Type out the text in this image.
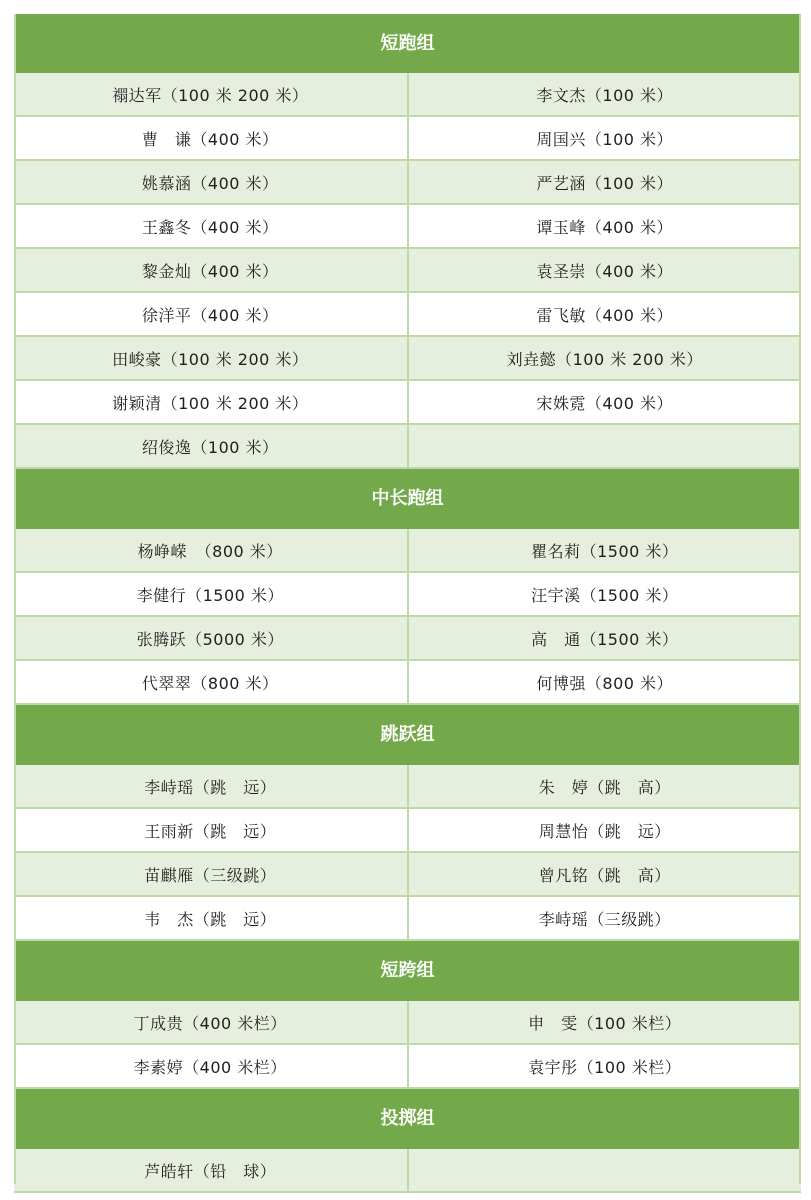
短跑组
禤达军（100 米 200 米）	李文杰（100 米）
曹　谦（400 米）	周国兴（100 米）
姚慕涵（400 米）	严艺涵（100 米）
王鑫冬（400 米）	谭玉峰（400 米）
黎金灿（400 米）	袁圣崇（400 米）
徐洋平（400 米）	雷飞敏（400 米）
田峻豪（100 米 200 米）	刘垚懿（100 米 200 米）
谢颖清（100 米 200 米）	宋姝霓（400 米）
绍俊逸（100 米）
中长跑组
杨峥嵘　（800 米）	瞿名莉（1500 米）
李健行（1500 米）	汪宇溪（1500 米）
张腾跃（5000 米）	高　通（1500 米）
代翠翠（800 米）	何博强（800 米）
跳跃组
李峙瑶（跳　远）	朱　婷（跳　高）
王雨新（跳　远）	周慧怡（跳　远）
苗麒雁（三级跳）	曾凡铭（跳　高）
韦　杰（跳　远）	李峙瑶（三级跳）
短跨组
丁成贵（400 米栏）	申　雯（100 米栏）
李素婷（400 米栏）	袁宇彤（100 米栏）
投掷组
芦皓轩（铅　球）
